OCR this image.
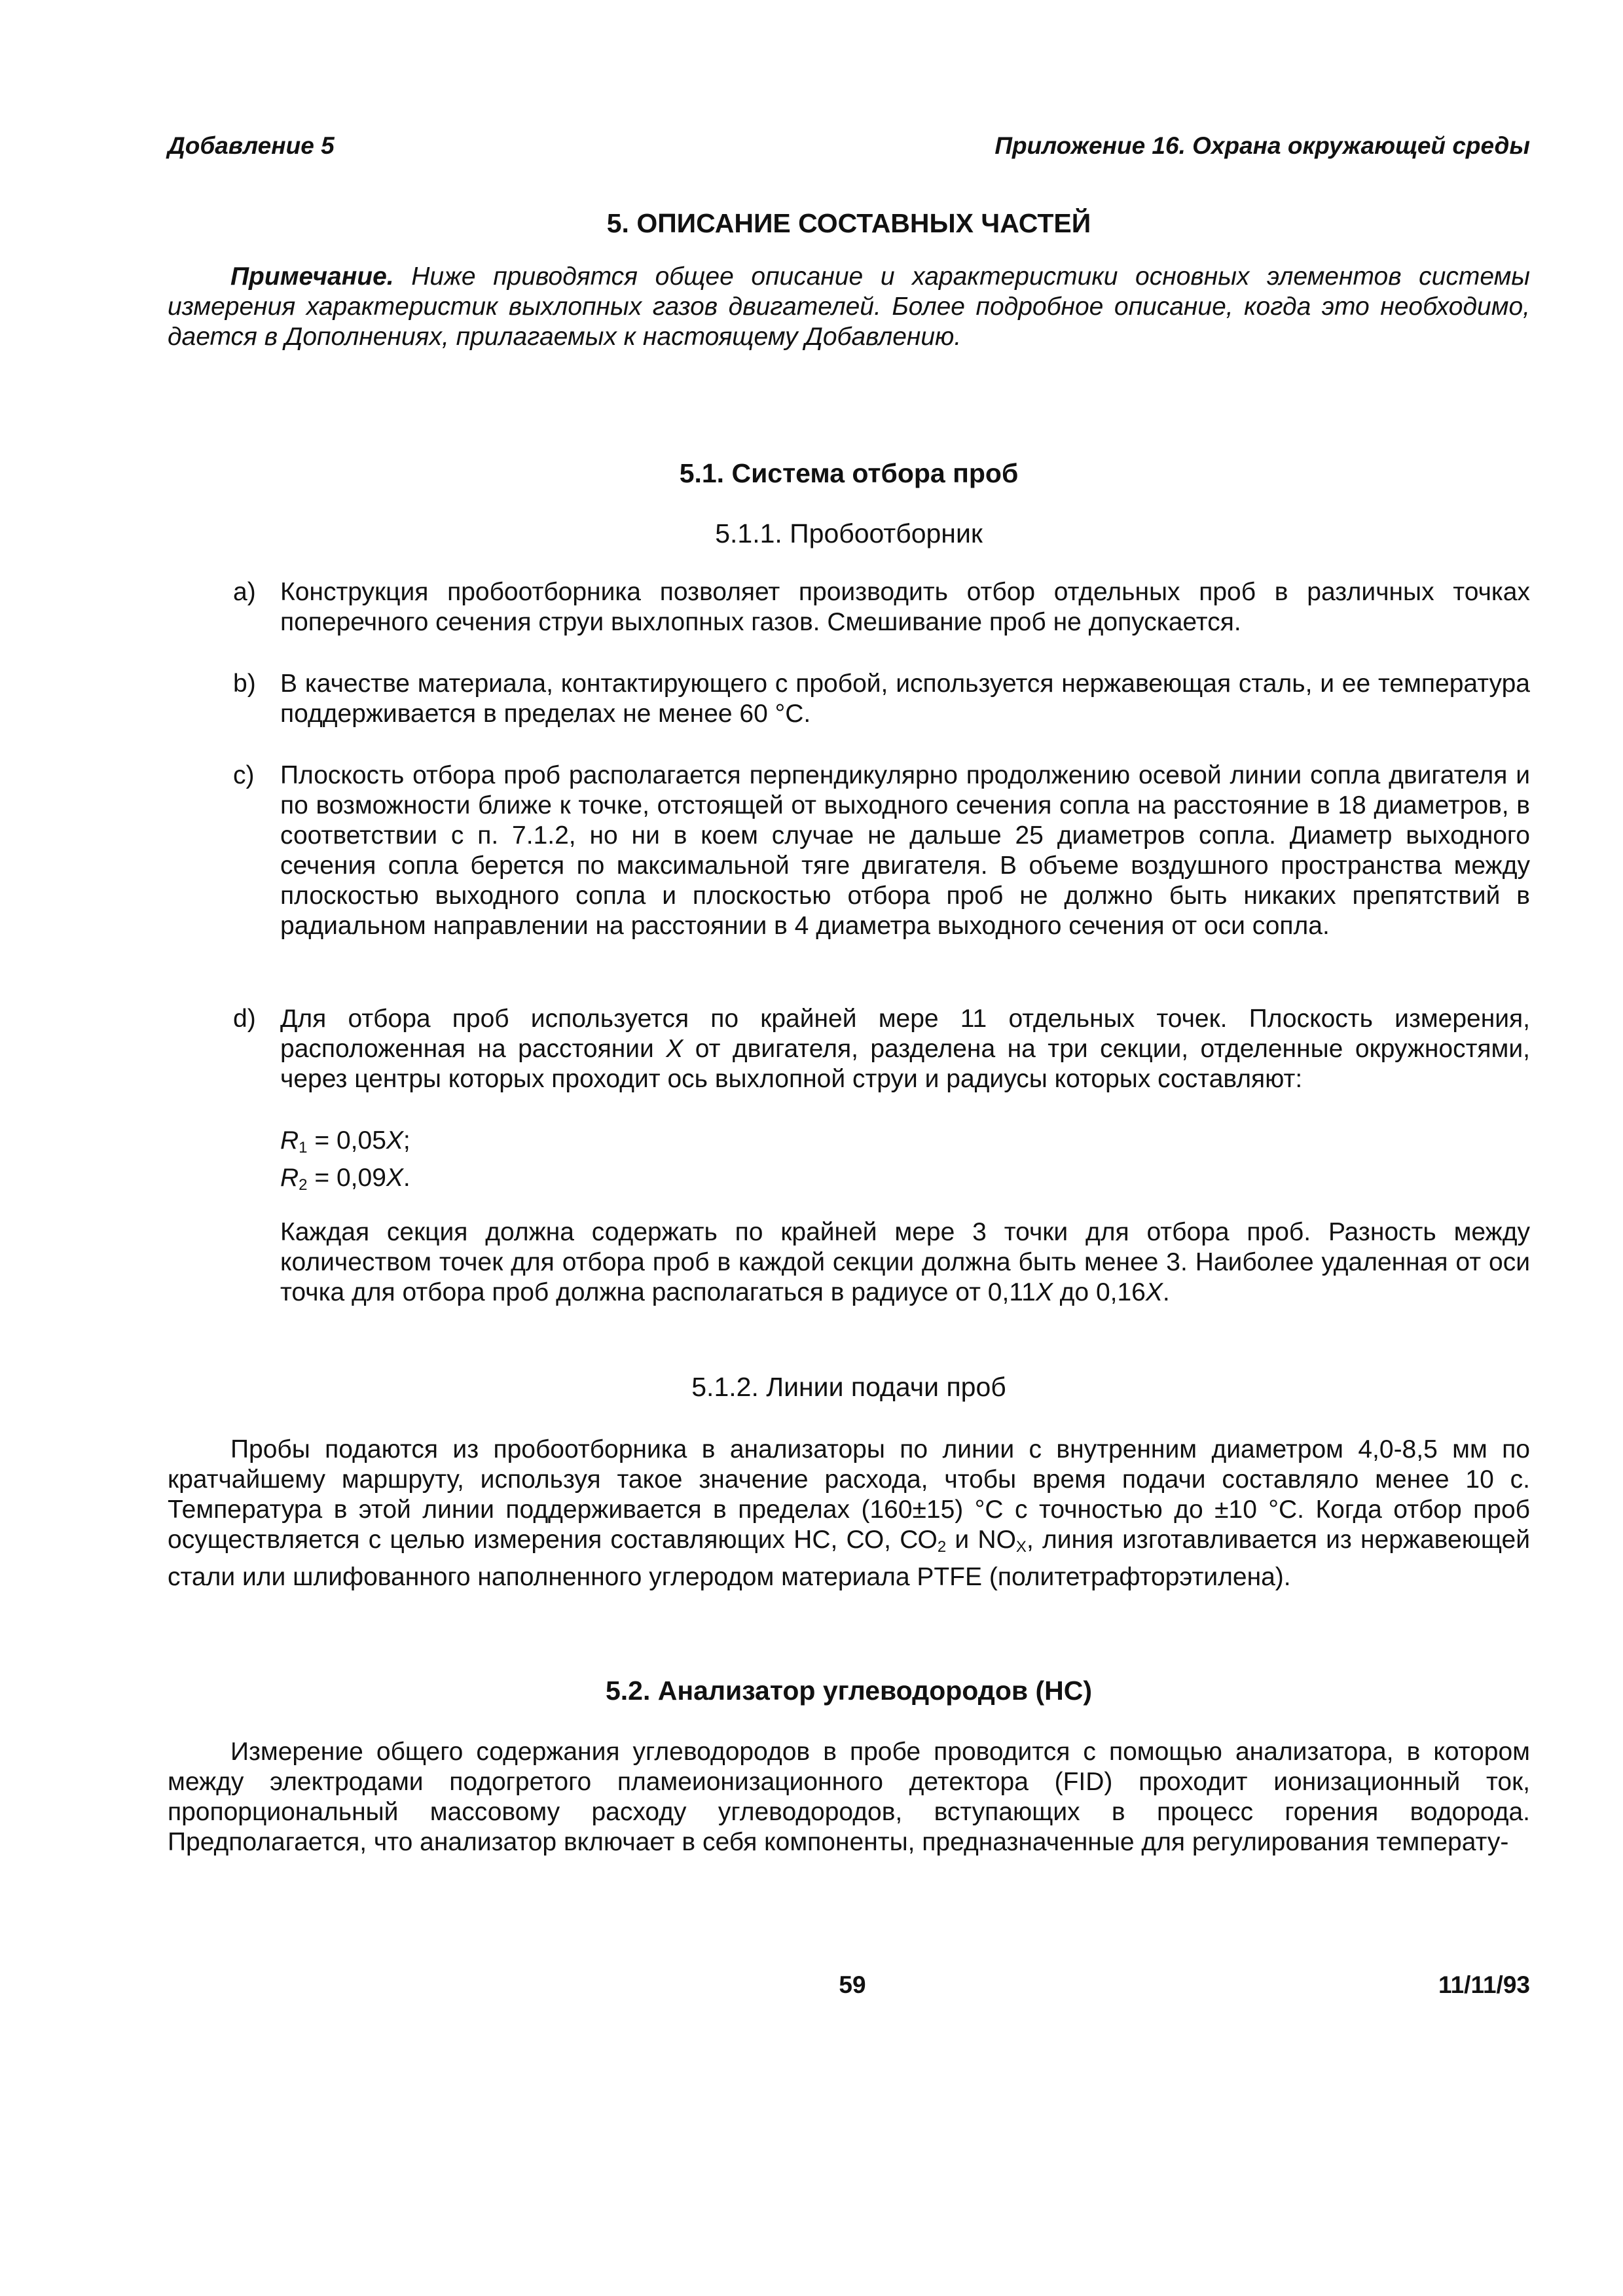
Добавление 5	Приложение 16. Охрана окружающей среды
5. ОПИСАНИЕ СОСТАВНЫХ ЧАСТЕЙ

Примечание. Ниже приводятся общее описание и характеристики основных элементов системы измерения характеристик выхлопных газов двигателей. Более подробное описание, когда это необходимо, дается в Дополнениях, прилагаемых к настоящему Добавлению.

5.1. Система отбора проб
5.1.1. Пробоотборник
a) Конструкция пробоотборника позволяет производить отбор отдельных проб в различных точках поперечного сечения струи выхлопных газов. Смешивание проб не допускается.

b) В качестве материала, контактирующего с пробой, используется нержавеющая сталь, и ее температура поддерживается в пределах не менее 60 °С.

c) Плоскость отбора проб располагается перпендикулярно продолжению осевой линии сопла двигателя и по возможности ближе к точке, отстоящей от выходного сечения сопла на расстояние в 18 диаметров, в соответствии с п. 7.1.2, но ни в коем случае не дальше 25 диаметров сопла. Диаметр выходного сечения сопла берется по максимальной тяге двигателя. В объеме воздушного пространства между плоскостью выходного сопла и плоскостью отбора проб не должно быть никаких препятствий в радиальном направлении на расстоянии в 4 диаметра выходного сечения от оси сопла.

d) Для отбора проб используется по крайней мере 11 отдельных точек. Плоскость измерения, расположенная на расстоянии X от двигателя, разделена на три секции, отделенные окружностями, через центры которых проходит ось выхлопной струи и радиусы которых составляют:

$R_1 = 0,05X$;
$R_2 = 0,09X$.

Каждая секция должна содержать по крайней мере 3 точки для отбора проб. Разность между количеством точек для отбора проб в каждой секции должна быть менее 3. Наиболее удаленная от оси точка для отбора проб должна располагаться в радиусе от 0,11X до 0,16X.

5.1.2. Линии подачи проб

Пробы подаются из пробоотборника в анализаторы по линии с внутренним диаметром 4,0-8,5 мм по кратчайшему маршруту, используя такое значение расхода, чтобы время подачи составляло менее 10 с. Температура в этой линии поддерживается в пределах (160±15) °С с точностью до ±10 °С. Когда отбор проб осуществляется с целью измерения составляющих НС, СО, $СО_2$ и $NO_X$, линия изготавливается из нержавеющей стали или шлифованного наполненного углеродом материала PTFE (политетрафторэтилена).

5.2. Анализатор углеводородов (НС)

Измерение общего содержания углеводородов в пробе проводится с помощью анализатора, в котором между электродами подогретого пламеионизационного детектора (FID) проходит ионизационный ток, пропорциональный массовому расходу углеводородов, вступающих в процесс горения водорода. Предполагается, что анализатор включает в себя компоненты, предназначенные для регулирования температу-

59	11/11/93
